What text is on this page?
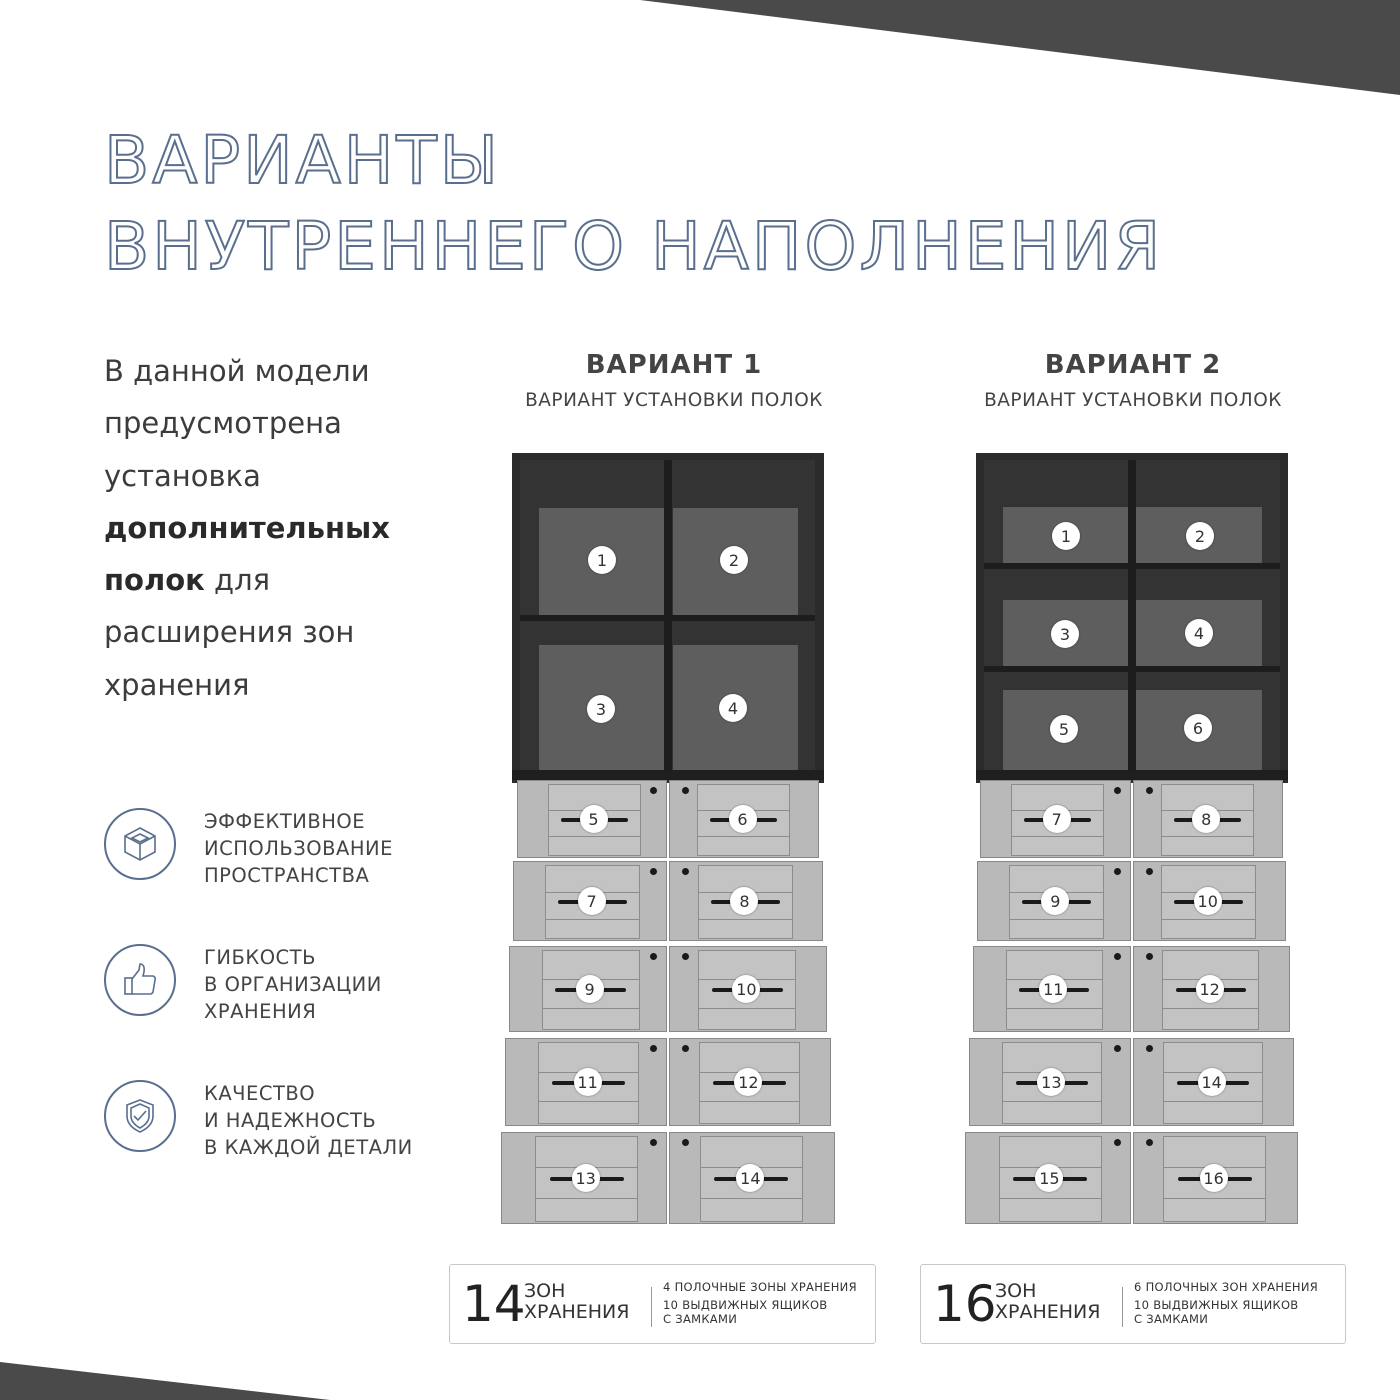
ВАРИАНТЫ
ВНУТРЕННЕГО НАПОЛНЕНИЯ

В данной модели
предусмотрена
установка
дополнительных
полок для
расширения зон
хранения

ЭФФЕКТИВНОЕ
ИСПОЛЬЗОВАНИЕ
ПРОСТРАНСТВА
ГИБКОСТЬ
В ОРГАНИЗАЦИИ
ХРАНЕНИЯ
КАЧЕСТВО
И НАДЕЖНОСТЬ
В КАЖДОЙ ДЕТАЛИ
ВАРИАНТ 1
ВАРИАНТ УСТАНОВКИ ПОЛОК
ВАРИАНТ 2
ВАРИАНТ УСТАНОВКИ ПОЛОК
1	2
3	4
1	2
3	4
5	6
5	6
7	8
9	10
11	12
13	14
7	8
9	10
11	12
13	14
15	16
14
ЗОН
ХРАНЕНИЯ
4 ПОЛОЧНЫЕ ЗОНЫ ХРАНЕНИЯ
10 ВЫДВИЖНЫХ ЯЩИКОВ
С ЗАМКАМИ	16
ЗОН
ХРАНЕНИЯ
6 ПОЛОЧНЫХ ЗОН ХРАНЕНИЯ
10 ВЫДВИЖНЫХ ЯЩИКОВ
С ЗАМКАМИ
